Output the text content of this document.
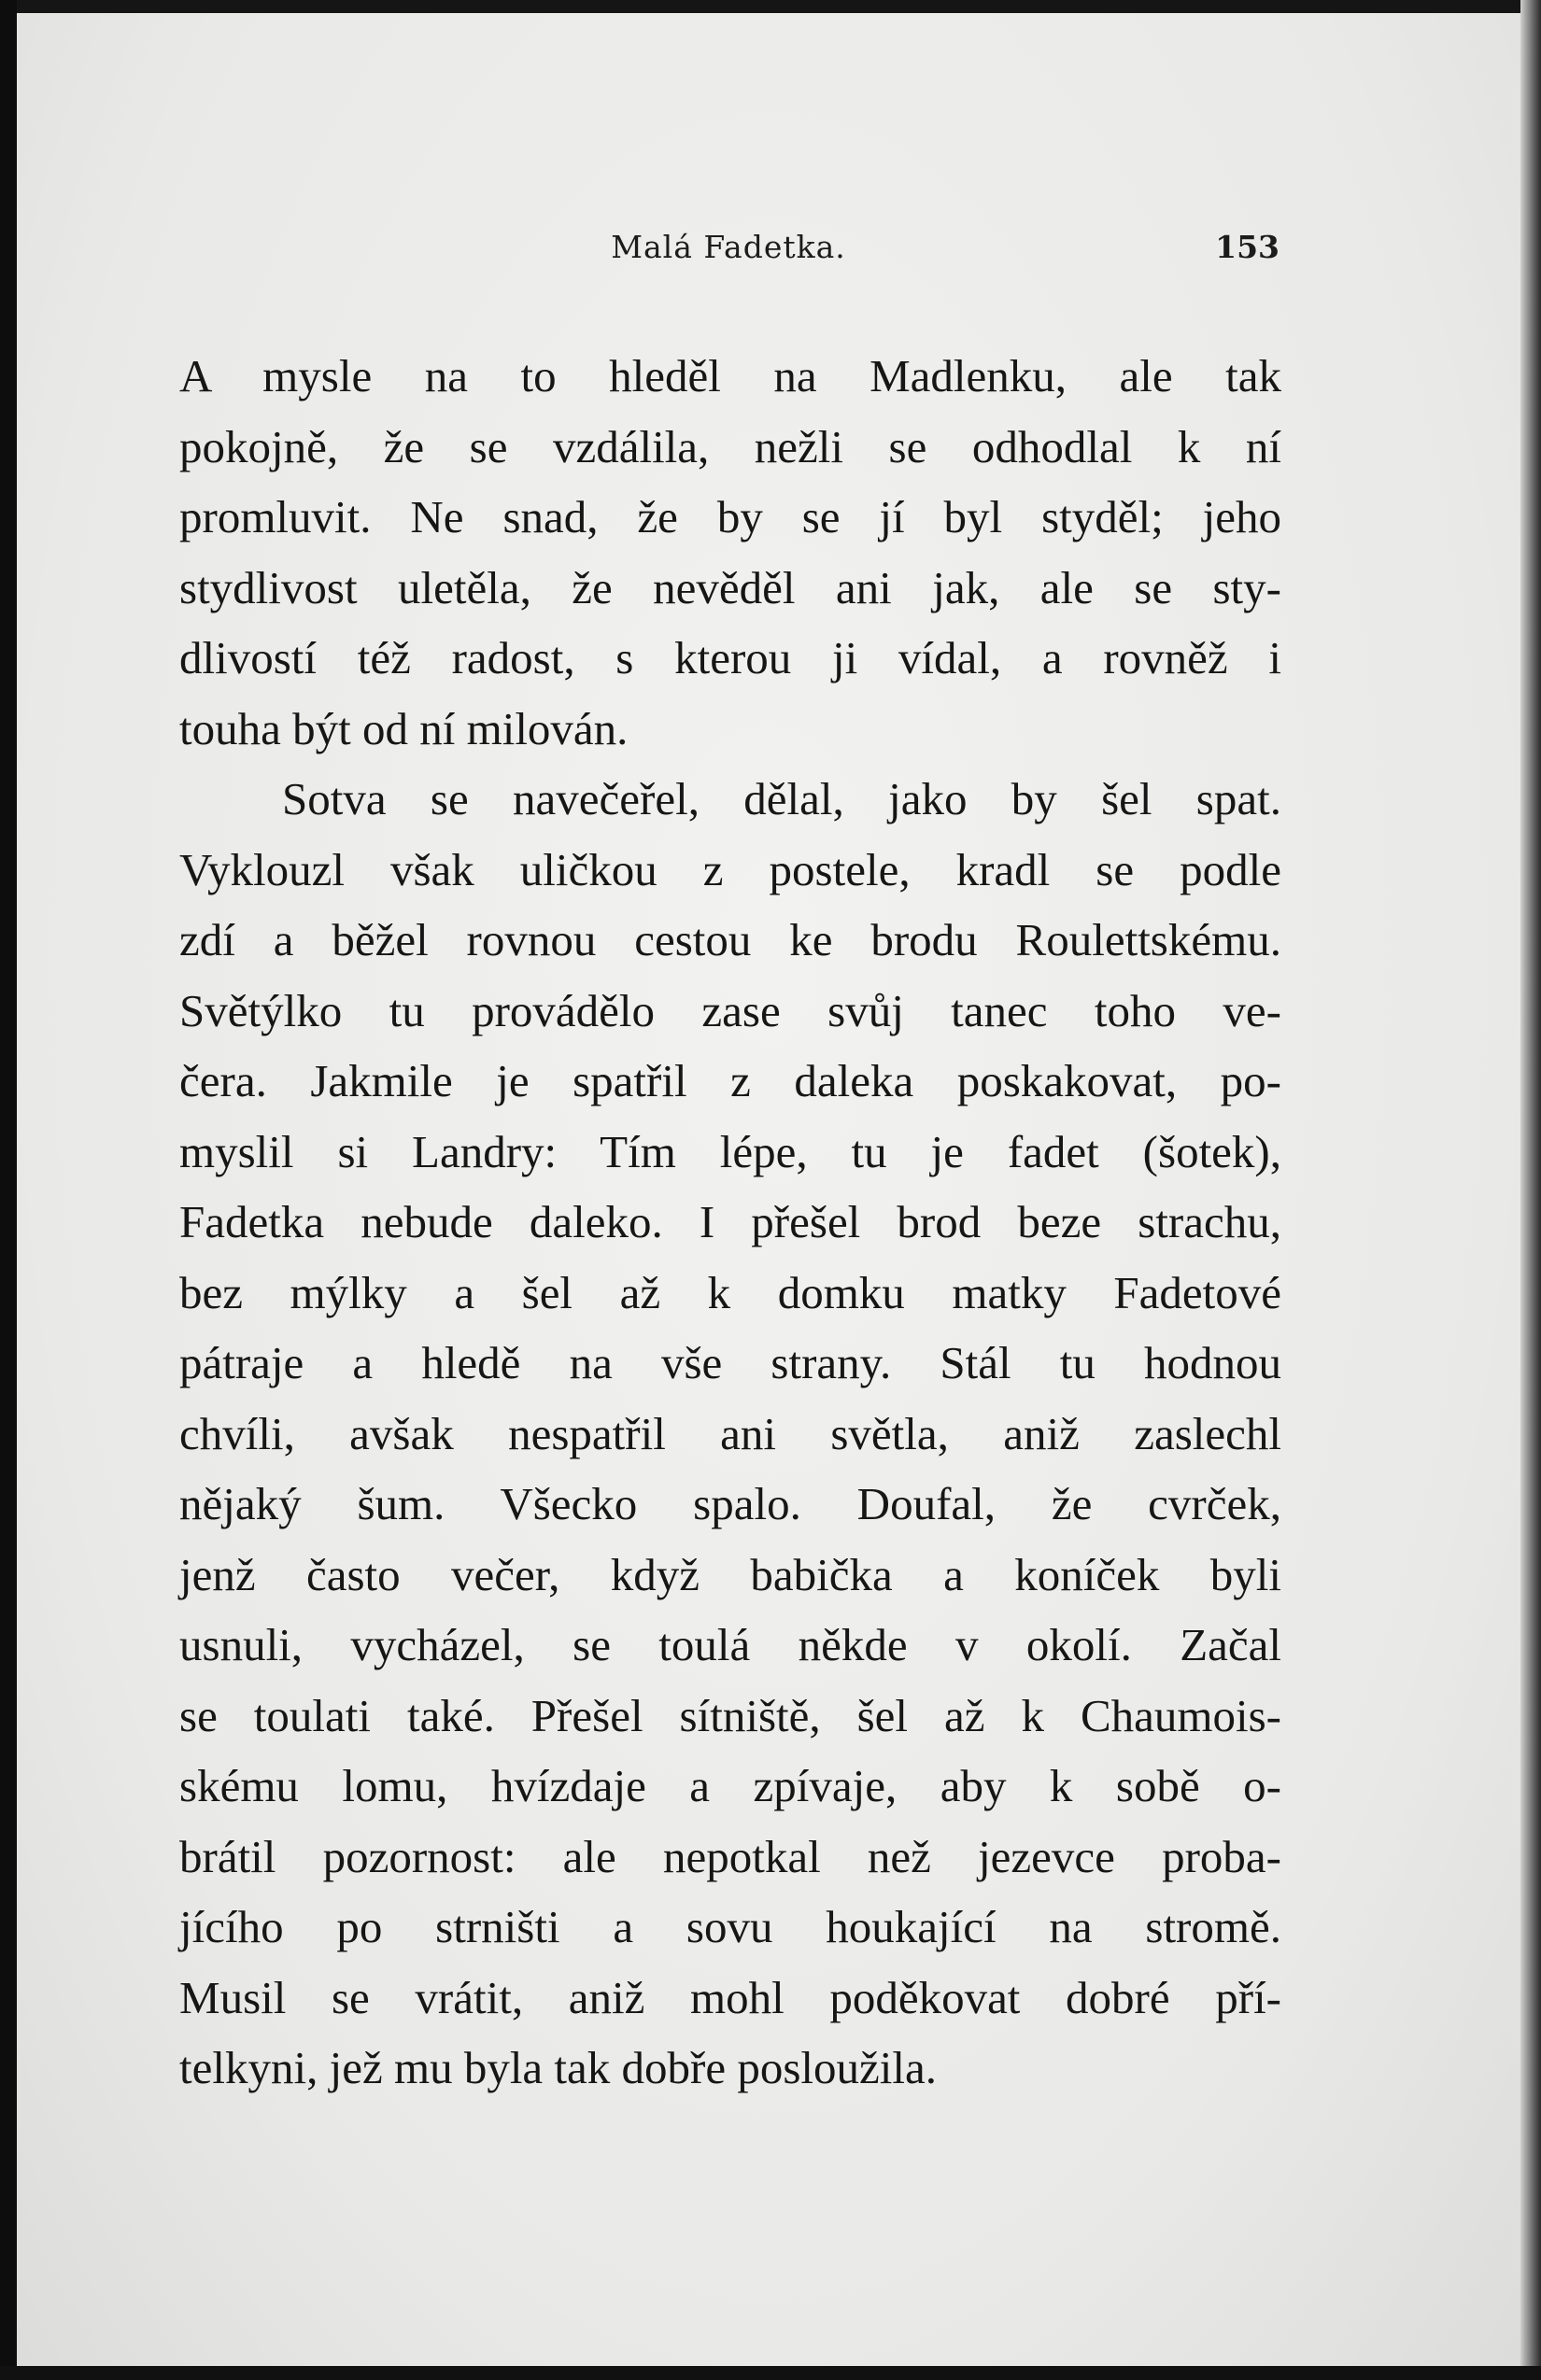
Malá Fadetka.	153
A mysle na to hleděl na Madlenku, ale tak
pokojně, že se vzdálila, nežli se odhodlal k ní
promluvit. Ne snad, že by se jí byl styděl; jeho
stydlivost uletěla, že nevěděl ani jak, ale se sty-
dlivostí též radost, s kterou ji vídal, a rovněž i
touha být od ní milován.
Sotva se navečeřel, dělal, jako by šel spat.
Vyklouzl však uličkou z postele, kradl se podle
zdí a běžel rovnou cestou ke brodu Roulettskému.
Světýlko tu provádělo zase svůj tanec toho ve-
čera. Jakmile je spatřil z daleka poskakovat, po-
myslil si Landry: Tím lépe, tu je fadet (šotek),
Fadetka nebude daleko. I přešel brod beze strachu,
bez mýlky a šel až k domku matky Fadetové
pátraje a hledě na vše strany. Stál tu hodnou
chvíli, avšak nespatřil ani světla, aniž zaslechl
nějaký šum. Všecko spalo. Doufal, že cvrček,
jenž často večer, když babička a koníček byli
usnuli, vycházel, se toulá někde v okolí. Začal
se toulati také. Přešel sítniště, šel až k Chaumois-
skému lomu, hvízdaje a zpívaje, aby k sobě o-
brátil pozornost: ale nepotkal než jezevce proba-
jícího po strništi a sovu houkající na stromě.
Musil se vrátit, aniž mohl poděkovat dobré pří-
telkyni, jež mu byla tak dobře posloužila.
